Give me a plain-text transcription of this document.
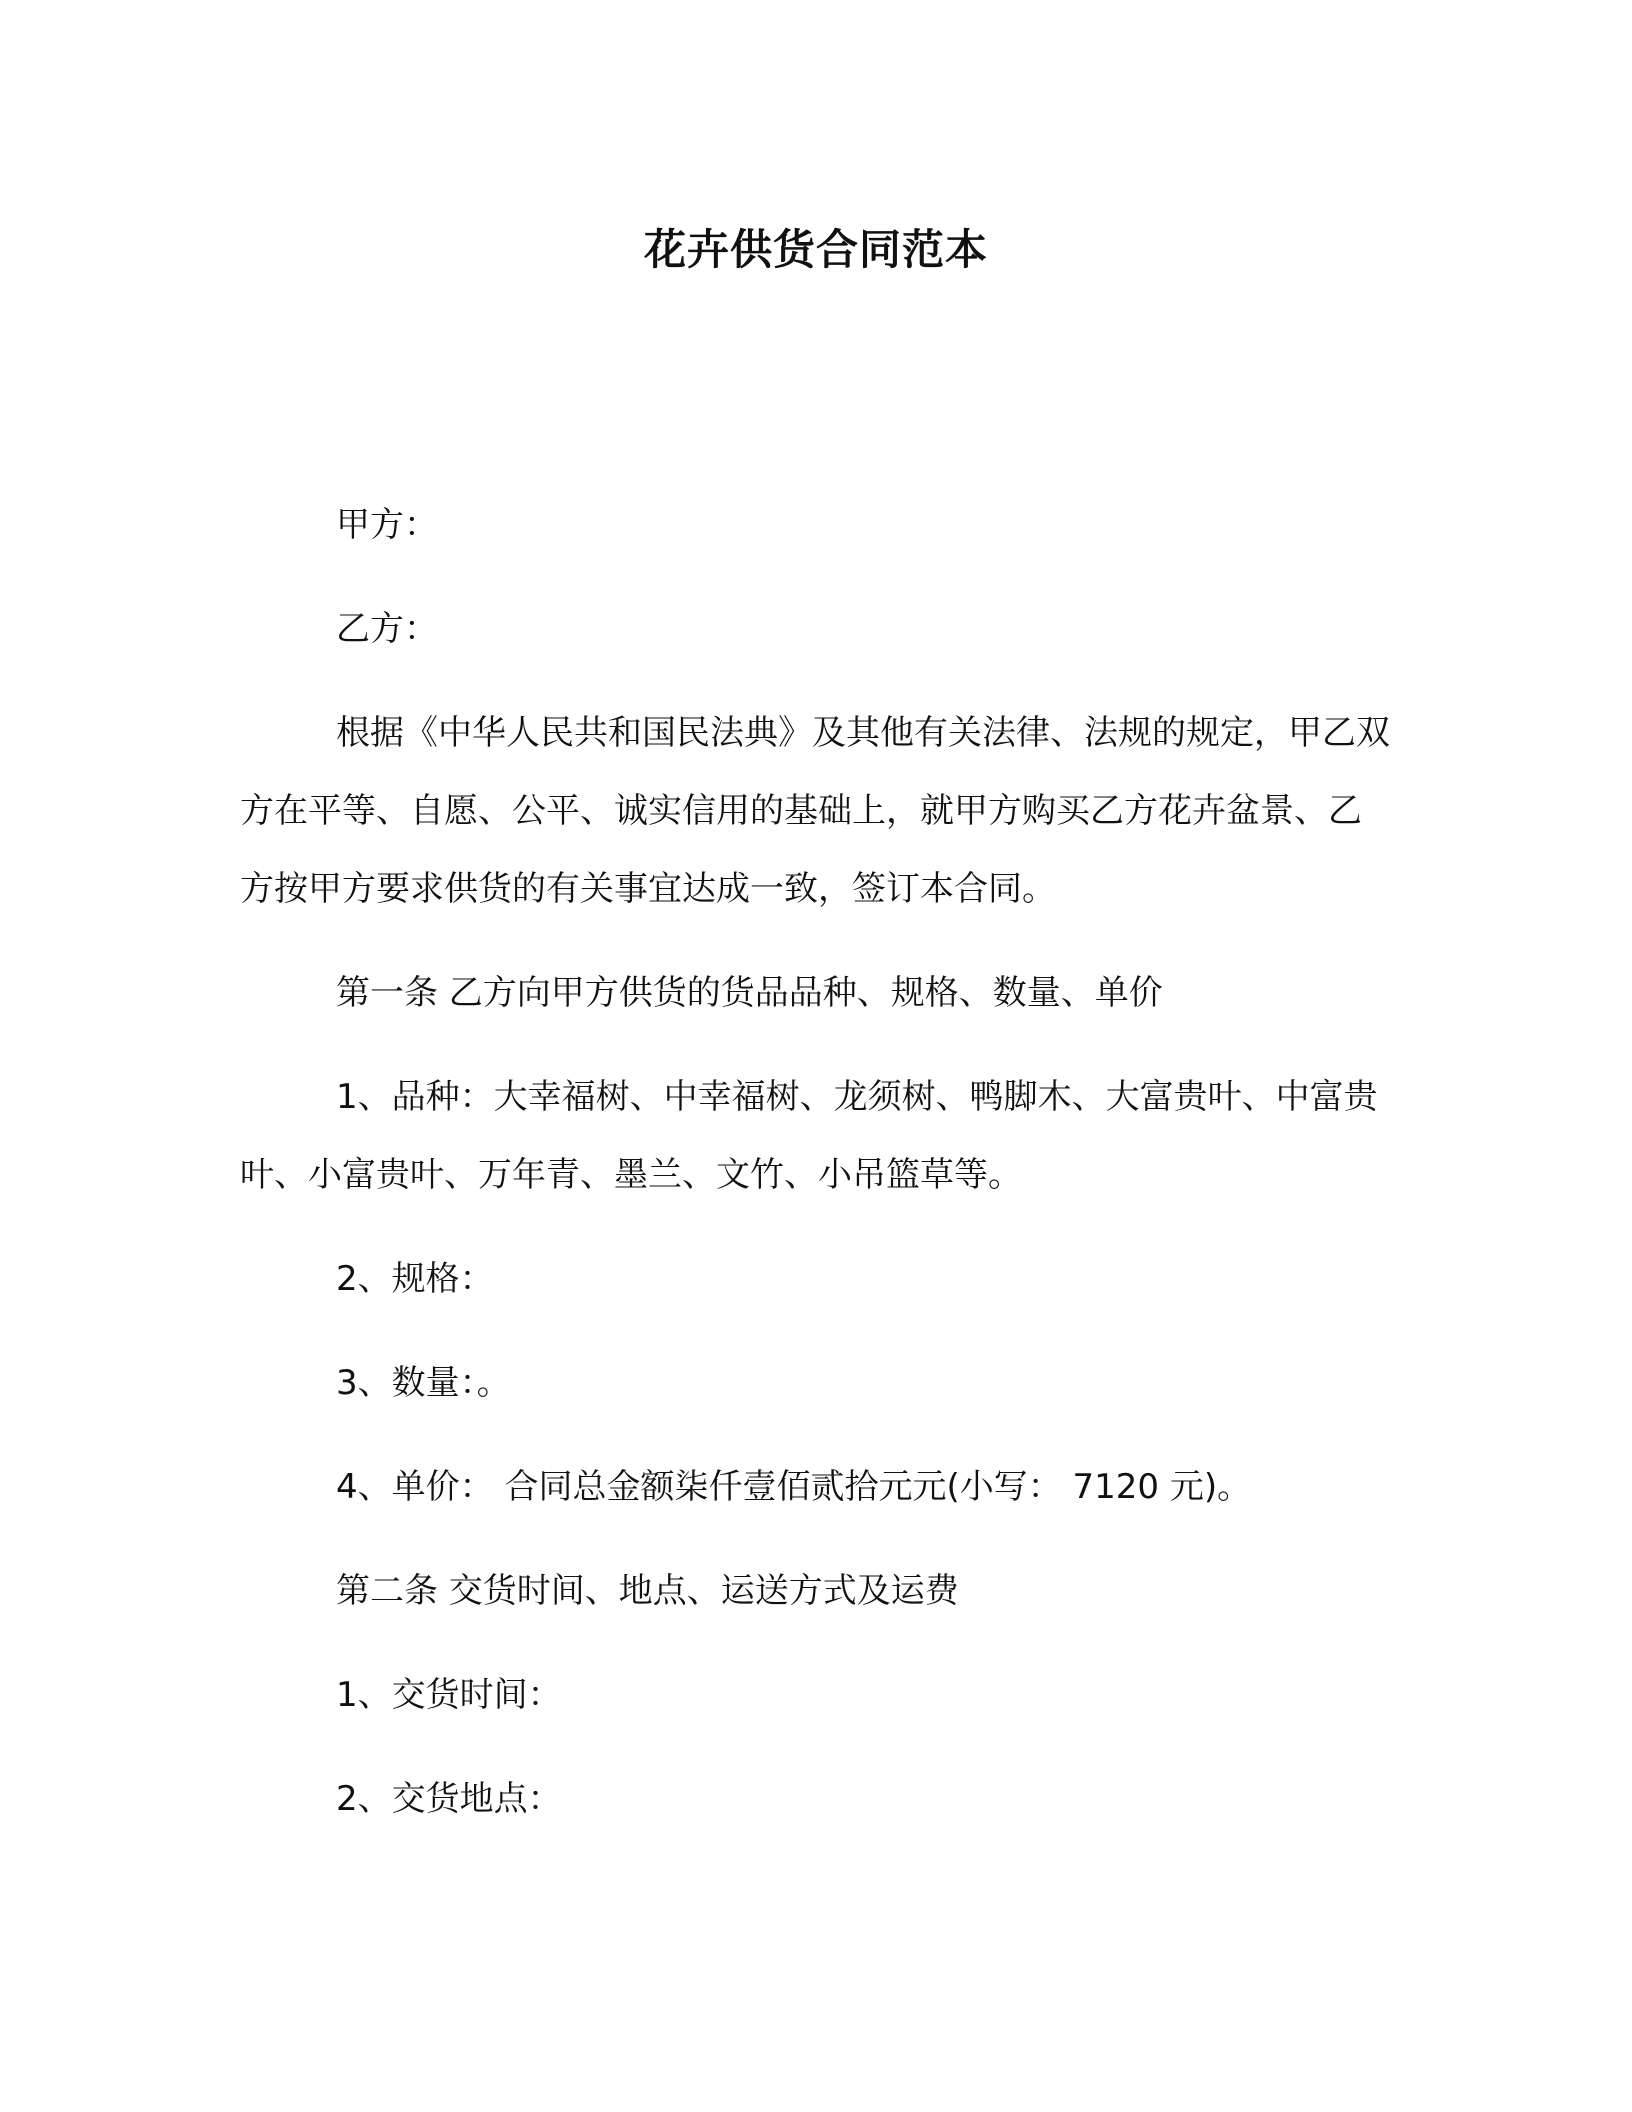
花卉供货合同范本

甲方：

乙方：

根据《中华人民共和国民法典》及其他有关法律、法规的规定，甲乙双方在平等、自愿、公平、诚实信用的基础上，就甲方购买乙方花卉盆景、乙方按甲方要求供货的有关事宜达成一致，签订本合同。

第一条 乙方向甲方供货的货品品种、规格、数量、单价

1、品种：大幸福树、中幸福树、龙须树、鸭脚木、大富贵叶、中富贵叶、小富贵叶、万年青、墨兰、文竹、小吊篮草等。

2、规格：

3、数量：。

4、单价： 合同总金额柒仟壹佰贰拾元元(小写： 7120 元)。

第二条 交货时间、地点、运送方式及运费

1、交货时间：

2、交货地点：
